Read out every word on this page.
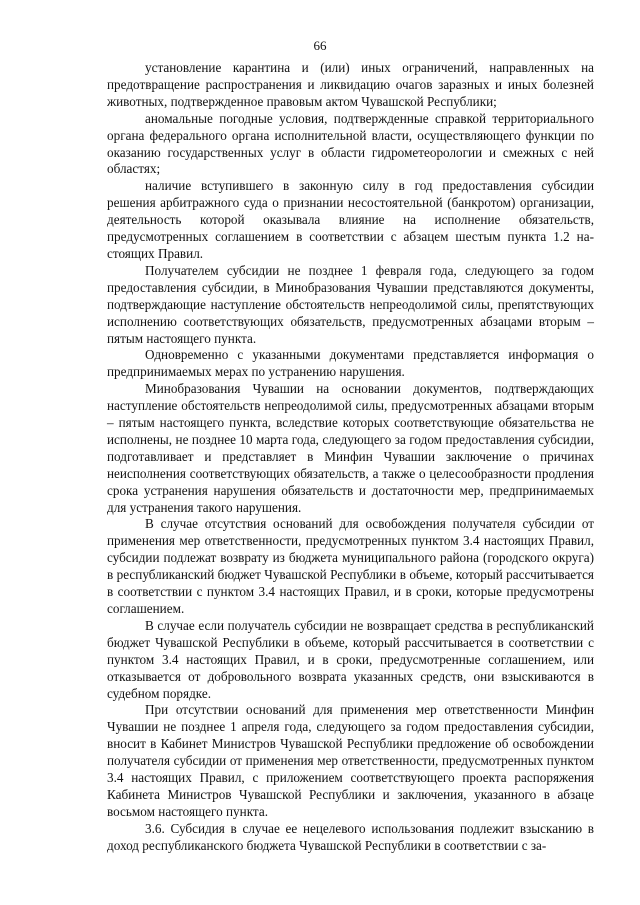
66

установление карантина и (или) иных ограничений, направленных на предотвращение распространения и ликвидацию очагов заразных и иных болезней животных, подтвержденное правовым актом Чувашской Республики;

аномальные погодные условия, подтвержденные справкой территориального органа федерального органа исполнительной власти, осуществляющего функции по оказанию государственных услуг в области гидрометеорологии и смежных с ней областях;

наличие вступившего в законную силу в год предоставления субсидии решения арбитражного суда о признании несостоятельной (банкротом) организации, деятельность которой оказывала влияние на исполнение обязательств, предусмотренных соглашением в соответствии с абзацем шестым пункта 1.2 настоящих Правил.

Получателем субсидии не позднее 1 февраля года, следующего за годом предоставления субсидии, в Минобразования Чувашии представляются документы, подтверждающие наступление обстоятельств непреодолимой силы, препятствующих исполнению соответствующих обязательств, предусмотренных абзацами вторым – пятым настоящего пункта.

Одновременно с указанными документами представляется информация о предпринимаемых мерах по устранению нарушения.

Минобразования Чувашии на основании документов, подтверждающих наступление обстоятельств непреодолимой силы, предусмотренных абзацами вторым – пятым настоящего пункта, вследствие которых соответствующие обязательства не исполнены, не позднее 10 марта года, следующего за годом предоставления субсидии, подготавливает и представляет в Минфин Чувашии заключение о причинах неисполнения соответствующих обязательств, а также о целесообразности продления срока устранения нарушения обязательств и достаточности мер, предпринимаемых для устранения такого нарушения.

В случае отсутствия оснований для освобождения получателя субсидии от применения мер ответственности, предусмотренных пунктом 3.4 настоящих Правил, субсидии подлежат возврату из бюджета муниципального района (городского округа) в республиканский бюджет Чувашской Республики в объеме, который рассчитывается в соответствии с пунктом 3.4 настоящих Правил, и в сроки, которые предусмотрены соглашением.

В случае если получатель субсидии не возвращает средства в республиканский бюджет Чувашской Республики в объеме, который рассчитывается в соответствии с пунктом 3.4 настоящих Правил, и в сроки, предусмотренные соглашением, или отказывается от добровольного возврата указанных средств, они взыскиваются в судебном порядке.

При отсутствии оснований для применения мер ответственности Минфин Чувашии не позднее 1 апреля года, следующего за годом предоставления субсидии, вносит в Кабинет Министров Чувашской Республики предложение об освобождении получателя субсидии от применения мер ответственности, предусмотренных пунктом 3.4 настоящих Правил, с приложением соответствующего проекта распоряжения Кабинета Министров Чувашской Республики и заключения, указанного в абзаце восьмом настоящего пункта.

3.6. Субсидия в случае ее нецелевого использования подлежит взысканию в доход республиканского бюджета Чувашской Республики в соответствии с за-
